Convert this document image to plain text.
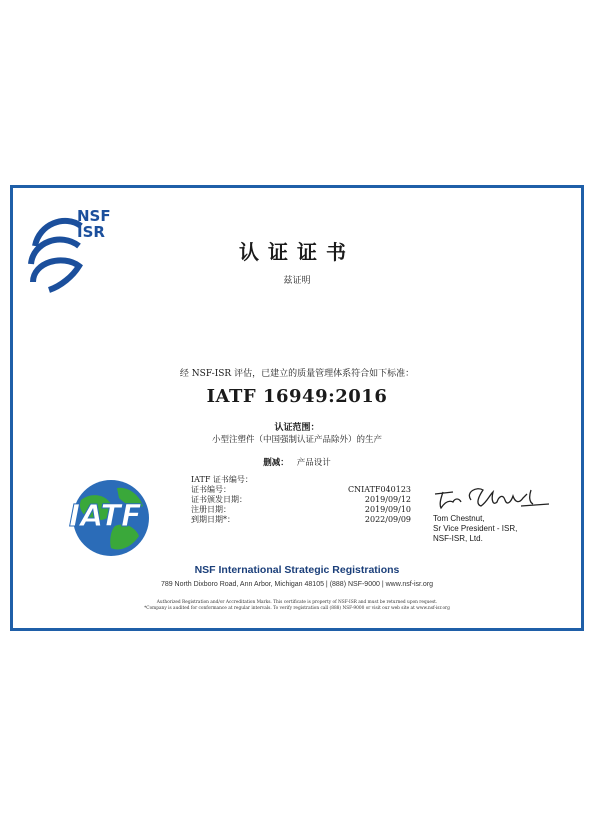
NSF
ISR
认证证书
兹证明
经 NSF-ISR 评估，已建立的质量管理体系符合如下标准：
IATF 16949:2016
认证范围：
小型注塑件（中国强制认证产品除外）的生产
删减： 产品设计
IATF
IATF 证书编号：
证书编号：	CNIATF040123
证书颁发日期：	2019/09/12
注册日期：	2019/09/10
到期日期*：	2022/09/09	Tom Chestnut,
Sr Vice President - ISR,
NSF-ISR, Ltd.
NSF International Strategic Registrations
789 North Dixboro Road, Ann Arbor, Michigan 48105 | (888) NSF-9000 | www.nsf-isr.org
Authorized Registration and/or Accreditation Marks. This certificate is property of NSF-ISR and must be returned upon request.
*Company is audited for conformance at regular intervals. To verify registration call (888) NSF-9000 or visit our web site at www.nsf-isr.org
